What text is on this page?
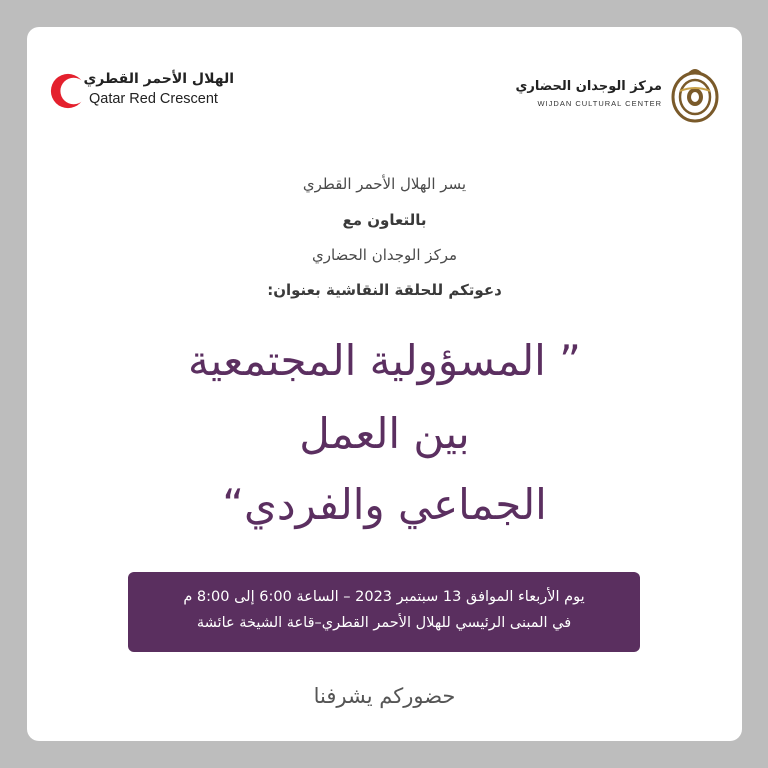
الهلال الأحمر القطري
Qatar Red Crescent
مركز الوجدان الحضاري
WIJDAN CULTURAL CENTER
يسر الهلال الأحمر القطري
بالتعاون مع
مركز الوجدان الحضاري
دعوتكم للحلقة النقاشية بعنوان:
” المسؤولية المجتمعية
بين العمل
الجماعي والفردي“
يوم الأربعاء الموافق 13 سبتمبر 2023 – الساعة 6:00 إلى 8:00 م
في المبنى الرئيسي للهلال الأحمر القطري–قاعة الشيخة عائشة
حضوركم يشرفنا
